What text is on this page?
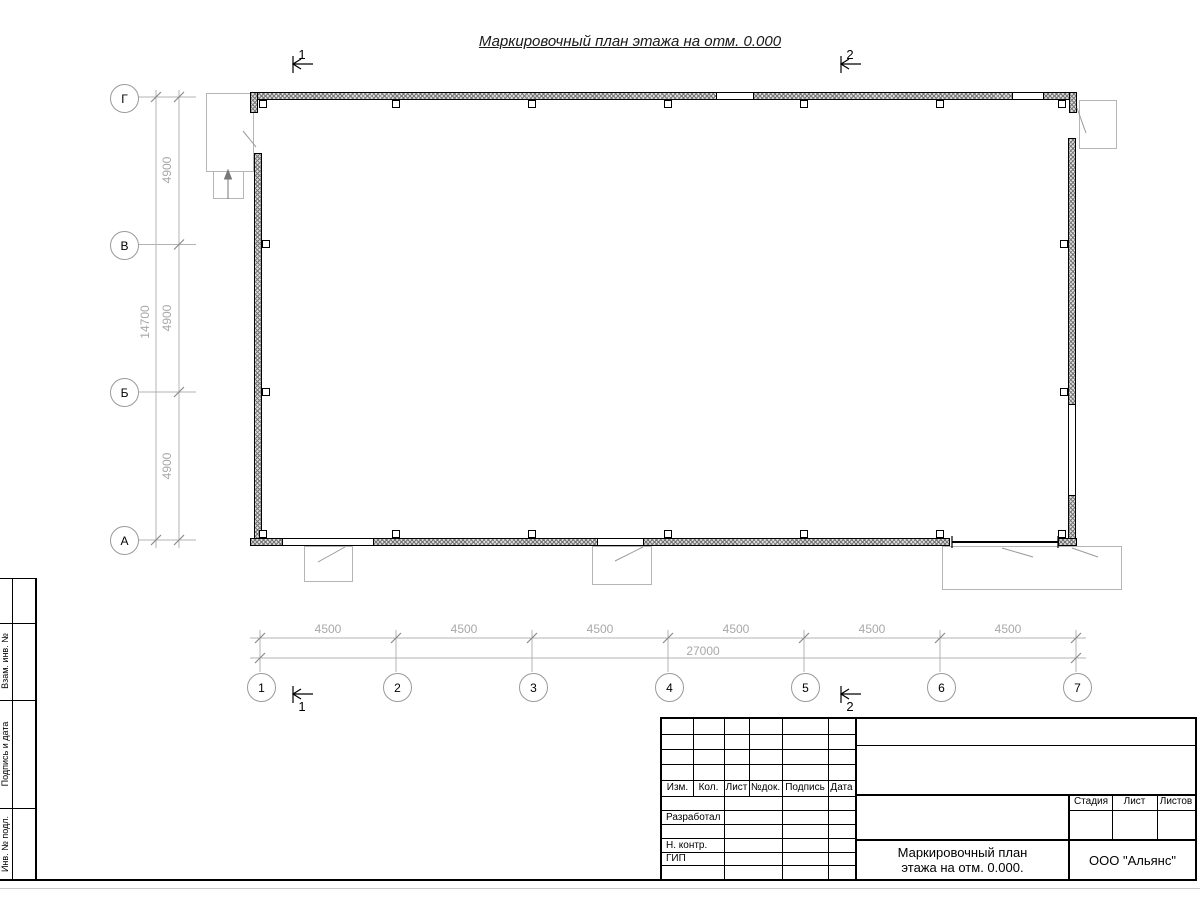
Маркировочный план этажа на отм. 0.000
1	2
1	2
4500	4500	4500	4500	4500	4500
27000
4900
4900
4900
14700
1	2	3	4	5	6	7
Г
В
Б
А
Взам. инв. №
Подпись и дата
Инв. № подл.
Изм.	Кол. Лист №док. Подпись Дата
Разработал
Н. контр.
ГИП
Стадия	Лист	Листов
Маркировочный план
этажа на отм. 0.000.	ООО "Альянс"
